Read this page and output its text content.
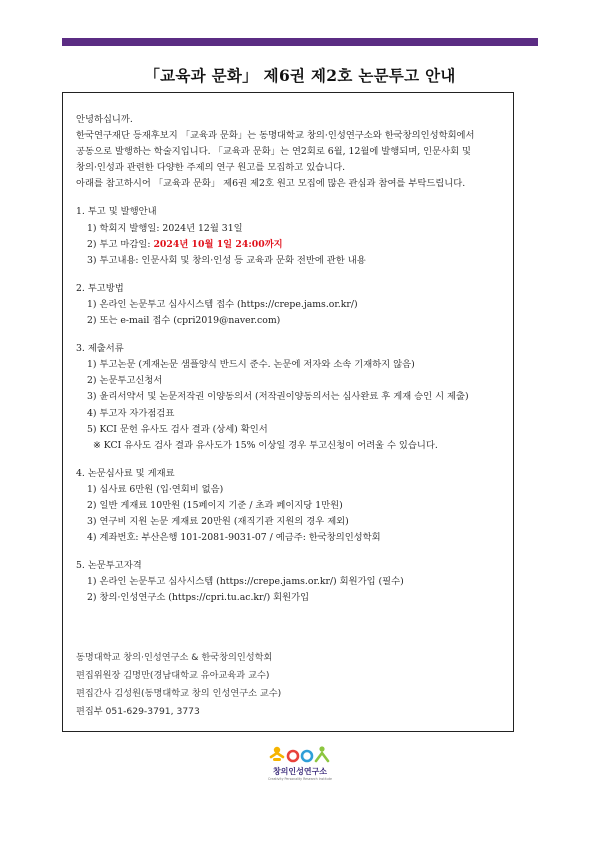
「교육과 문화」 제6권 제2호 논문투고 안내

안녕하십니까.

한국연구재단 등재후보지 「교육과 문화」는 동명대학교 창의·인성연구소와 한국창의인성학회에서

공동으로 발행하는 학술지입니다. 「교육과 문화」는 연2회로 6월, 12월에 발행되며, 인문사회 및

창의·인성과 관련한 다양한 주제의 연구 원고를 모집하고 있습니다.

아래를 참고하시어 「교육과 문화」 제6권 제2호 원고 모집에 많은 관심과 참여를 부탁드립니다.

1. 투고 및 발행안내

1) 학회지 발행일: 2024년 12월 31일

2) 투고 마감일: 2024년 10월 1일 24:00까지

3) 투고내용: 인문사회 및 창의·인성 등 교육과 문화 전반에 관한 내용

2. 투고방법

1) 온라인 논문투고 심사시스템 접수 (https://crepe.jams.or.kr/)

2) 또는 e-mail 접수 (cpri2019@naver.com)

3. 제출서류

1) 투고논문 (게재논문 샘플양식 반드시 준수. 논문에 저자와 소속 기재하지 않음)

2) 논문투고신청서

3) 윤리서약서 및 논문저작권 이양동의서 (저작권이양동의서는 심사완료 후 게재 승인 시 제출)

4) 투고자 자가점검표

5) KCI 문헌 유사도 검사 결과 (상세) 확인서

※ KCI 유사도 검사 결과 유사도가 15% 이상일 경우 투고신청이 어려울 수 있습니다.

4. 논문심사료 및 게재료

1) 심사료 6만원 (입·연회비 없음)

2) 일반 게재료 10만원 (15페이지 기준 / 초과 페이지당 1만원)

3) 연구비 지원 논문 게재료 20만원 (재직기관 지원의 경우 제외)

4) 계좌번호: 부산은행 101-2081-9031-07 / 예금주: 한국창의인성학회

5. 논문투고자격

1) 온라인 논문투고 심사시스템 (https://crepe.jams.or.kr/) 회원가입 (필수)

2) 창의·인성연구소 (https://cpri.tu.ac.kr/) 회원가입

동명대학교 창의·인성연구소 & 한국창의인성학회

편집위원장 김명만(경남대학교 유아교육과 교수)

편집간사 김성원(동명대학교 창의 인성연구소 교수)

편집부 051-629-3791, 3773

창의인성연구소
Creativity Personality Research Institute
